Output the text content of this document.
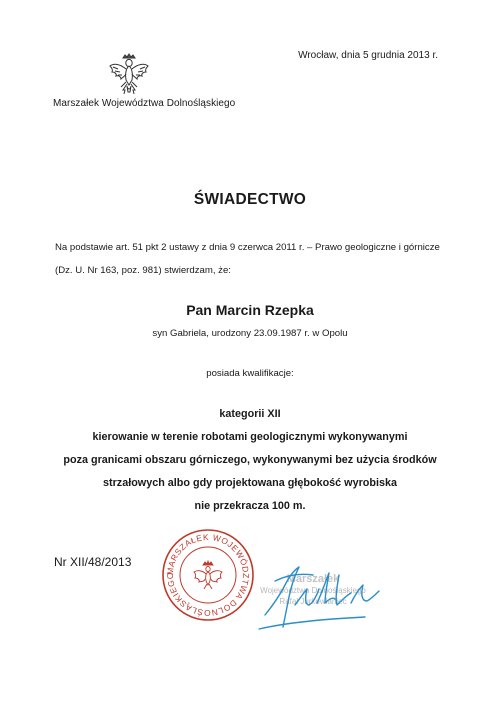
Marszałek Województwa Dolnośląskiego
Wrocław, dnia 5 grudnia 2013 r.
ŚWIADECTWO
Na podstawie art. 51 pkt 2 ustawy z dnia 9 czerwca 2011 r. – Prawo geologiczne i górnicze
(Dz. U. Nr 163, poz. 981) stwierdzam, że:
Pan Marcin Rzepka
syn Gabriela, urodzony 23.09.1987 r. w Opolu
posiada kwalifikacje:
kategorii XII
kierowanie w terenie robotami geologicznymi wykonywanymi
poza granicami obszaru górniczego, wykonywanymi bez użycia środków
strzałowych albo gdy projektowana głębokość wyrobiska
nie przekracza 100 m.
Nr XII/48/2013
MARSZAŁEK WOJEWÓDZTWA DOLNOŚLĄSKIEGO	Marszałek
Województwa Dolnośląskiego
Rafał Jurkowlaniec
